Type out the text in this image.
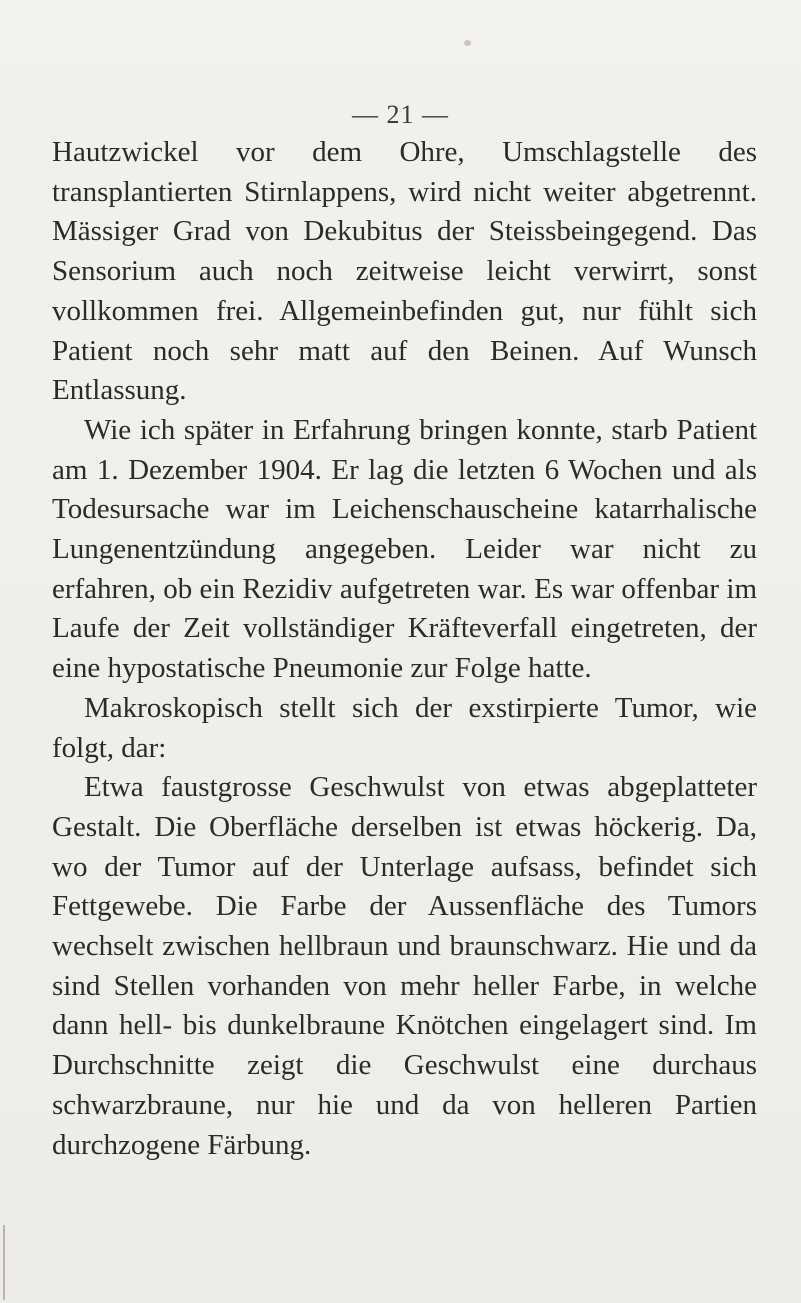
— 21 —

Hautzwickel vor dem Ohre, Umschlagstelle des transplantierten Stirnlappens, wird nicht weiter abgetrennt. Mässiger Grad von Dekubitus der Steissbeingegend. Das Sensorium auch noch zeitweise leicht verwirrt, sonst vollkommen frei. Allgemeinbefinden gut, nur fühlt sich Patient noch sehr matt auf den Beinen. Auf Wunsch Entlassung.

Wie ich später in Erfahrung bringen konnte, starb Patient am 1. Dezember 1904. Er lag die letzten 6 Wochen und als Todesursache war im Leichenschauscheine katarrhalische Lungenentzündung angegeben. Leider war nicht zu erfahren, ob ein Rezidiv aufgetreten war. Es war offenbar im Laufe der Zeit vollständiger Kräfteverfall eingetreten, der eine hypostatische Pneumonie zur Folge hatte.

Makroskopisch stellt sich der exstirpierte Tumor, wie folgt, dar:

Etwa faustgrosse Geschwulst von etwas abgeplatteter Gestalt. Die Oberfläche derselben ist etwas höckerig. Da, wo der Tumor auf der Unterlage aufsass, befindet sich Fettgewebe. Die Farbe der Aussenfläche des Tumors wechselt zwischen hellbraun und braunschwarz. Hie und da sind Stellen vorhanden von mehr heller Farbe, in welche dann hell- bis dunkelbraune Knötchen eingelagert sind. Im Durchschnitte zeigt die Geschwulst eine durchaus schwarzbraune, nur hie und da von helleren Partien durchzogene Färbung.
